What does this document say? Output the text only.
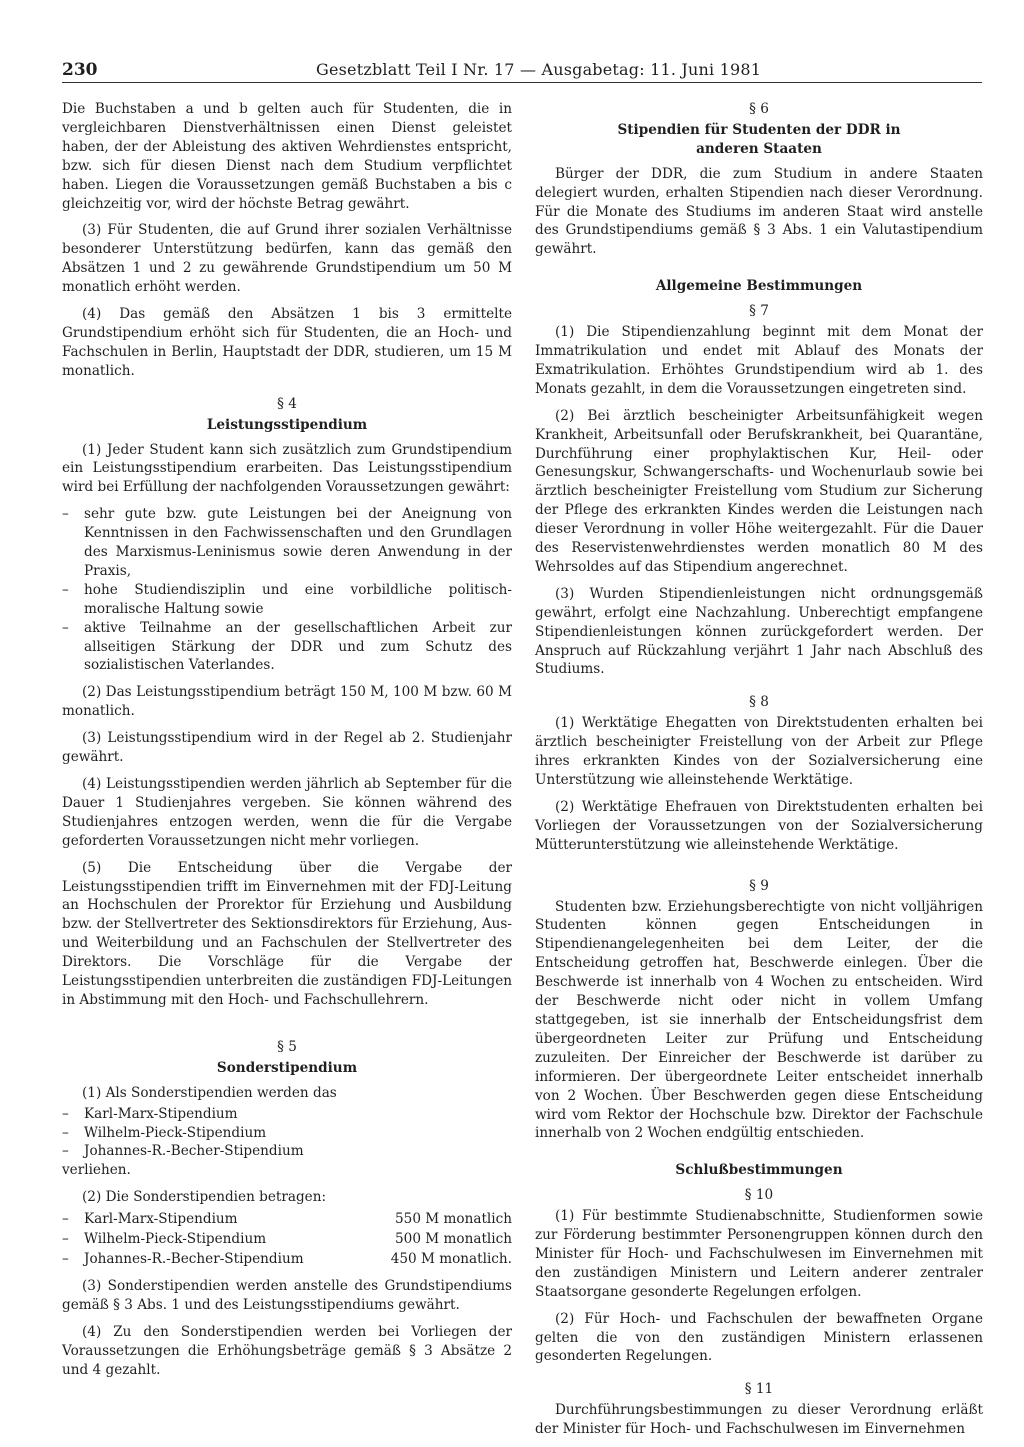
230	Gesetzblatt Teil I Nr. 17 — Ausgabetag: 11. Juni 1981

Die Buchstaben a und b gelten auch für Studenten, die in vergleichbaren Dienstverhältnissen einen Dienst geleistet haben, der der Ableistung des aktiven Wehrdienstes entspricht, bzw. sich für diesen Dienst nach dem Studium verpflichtet haben. Liegen die Voraussetzungen gemäß Buchstaben a bis c gleichzeitig vor, wird der höchste Betrag gewährt.

(3) Für Studenten, die auf Grund ihrer sozialen Verhältnisse besonderer Unterstützung bedürfen, kann das gemäß den Absätzen 1 und 2 zu gewährende Grundstipendium um 50 M monatlich erhöht werden.

(4) Das gemäß den Absätzen 1 bis 3 ermittelte Grundstipendium erhöht sich für Studenten, die an Hoch- und Fachschulen in Berlin, Hauptstadt der DDR, studieren, um 15 M monatlich.

§ 4
Leistungsstipendium

(1) Jeder Student kann sich zusätzlich zum Grundstipendium ein Leistungsstipendium erarbeiten. Das Leistungsstipendium wird bei Erfüllung der nachfolgenden Voraussetzungen gewährt:

– sehr gute bzw. gute Leistungen bei der Aneignung von Kenntnissen in den Fachwissenschaften und den Grundlagen des Marxismus-Leninismus sowie deren Anwendung in der Praxis,
– hohe Studiendisziplin und eine vorbildliche politisch-moralische Haltung sowie
– aktive Teilnahme an der gesellschaftlichen Arbeit zur allseitigen Stärkung der DDR und zum Schutz des sozialistischen Vaterlandes.

(2) Das Leistungsstipendium beträgt 150 M, 100 M bzw. 60 M monatlich.

(3) Leistungsstipendium wird in der Regel ab 2. Studienjahr gewährt.

(4) Leistungsstipendien werden jährlich ab September für die Dauer 1 Studienjahres vergeben. Sie können während des Studienjahres entzogen werden, wenn die für die Vergabe geforderten Voraussetzungen nicht mehr vorliegen.

(5) Die Entscheidung über die Vergabe der Leistungsstipendien trifft im Einvernehmen mit der FDJ-Leitung an Hochschulen der Prorektor für Erziehung und Ausbildung bzw. der Stellvertreter des Sektionsdirektors für Erziehung, Aus- und Weiterbildung und an Fachschulen der Stellvertreter des Direktors. Die Vorschläge für die Vergabe der Leistungsstipendien unterbreiten die zuständigen FDJ-Leitungen in Abstimmung mit den Hoch- und Fachschullehrern.

§ 5
Sonderstipendium

(1) Als Sonderstipendien werden das

– Karl-Marx-Stipendium
– Wilhelm-Pieck-Stipendium
– Johannes-R.-Becher-Stipendium

verliehen.

(2) Die Sonderstipendien betragen:

– Karl-Marx-Stipendium	550 M monatlich
– Wilhelm-Pieck-Stipendium	500 M monatlich
– Johannes-R.-Becher-Stipendium	450 M monatlich.

(3) Sonderstipendien werden anstelle des Grundstipendiums gemäß § 3 Abs. 1 und des Leistungsstipendiums gewährt.

(4) Zu den Sonderstipendien werden bei Vorliegen der Voraussetzungen die Erhöhungsbeträge gemäß § 3 Absätze 2 und 4 gezahlt.

§ 6
Stipendien für Studenten der DDR in anderen Staaten

Bürger der DDR, die zum Studium in andere Staaten delegiert wurden, erhalten Stipendien nach dieser Verordnung. Für die Monate des Studiums im anderen Staat wird anstelle des Grundstipendiums gemäß § 3 Abs. 1 ein Valutastipendium gewährt.

Allgemeine Bestimmungen
§ 7

(1) Die Stipendienzahlung beginnt mit dem Monat der Immatrikulation und endet mit Ablauf des Monats der Exmatrikulation. Erhöhtes Grundstipendium wird ab 1. des Monats gezahlt, in dem die Voraussetzungen eingetreten sind.

(2) Bei ärztlich bescheinigter Arbeitsunfähigkeit wegen Krankheit, Arbeitsunfall oder Berufskrankheit, bei Quarantäne, Durchführung einer prophylaktischen Kur, Heil- oder Genesungskur, Schwangerschafts- und Wochenurlaub sowie bei ärztlich bescheinigter Freistellung vom Studium zur Sicherung der Pflege des erkrankten Kindes werden die Leistungen nach dieser Verordnung in voller Höhe weitergezahlt. Für die Dauer des Reservistenwehrdienstes werden monatlich 80 M des Wehrsoldes auf das Stipendium angerechnet.

(3) Wurden Stipendienleistungen nicht ordnungsgemäß gewährt, erfolgt eine Nachzahlung. Unberechtigt empfangene Stipendienleistungen können zurückgefordert werden. Der Anspruch auf Rückzahlung verjährt 1 Jahr nach Abschluß des Studiums.

§ 8

(1) Werktätige Ehegatten von Direktstudenten erhalten bei ärztlich bescheinigter Freistellung von der Arbeit zur Pflege ihres erkrankten Kindes von der Sozialversicherung eine Unterstützung wie alleinstehende Werktätige.

(2) Werktätige Ehefrauen von Direktstudenten erhalten bei Vorliegen der Voraussetzungen von der Sozialversicherung Mütterunterstützung wie alleinstehende Werktätige.

§ 9

Studenten bzw. Erziehungsberechtigte von nicht volljährigen Studenten können gegen Entscheidungen in Stipendienangelegenheiten bei dem Leiter, der die Entscheidung getroffen hat, Beschwerde einlegen. Über die Beschwerde ist innerhalb von 4 Wochen zu entscheiden. Wird der Beschwerde nicht oder nicht in vollem Umfang stattgegeben, ist sie innerhalb der Entscheidungsfrist dem übergeordneten Leiter zur Prüfung und Entscheidung zuzuleiten. Der Einreicher der Beschwerde ist darüber zu informieren. Der übergeordnete Leiter entscheidet innerhalb von 2 Wochen. Über Beschwerden gegen diese Entscheidung wird vom Rektor der Hochschule bzw. Direktor der Fachschule innerhalb von 2 Wochen endgültig entschieden.

Schlußbestimmungen
§ 10

(1) Für bestimmte Studienabschnitte, Studienformen sowie zur Förderung bestimmter Personengruppen können durch den Minister für Hoch- und Fachschulwesen im Einvernehmen mit den zuständigen Ministern und Leitern anderer zentraler Staatsorgane gesonderte Regelungen erfolgen.

(2) Für Hoch- und Fachschulen der bewaffneten Organe gelten die von den zuständigen Ministern erlassenen gesonderten Regelungen.

§ 11

Durchführungsbestimmungen zu dieser Verordnung erläßt der Minister für Hoch- und Fachschulwesen im Einvernehmen
